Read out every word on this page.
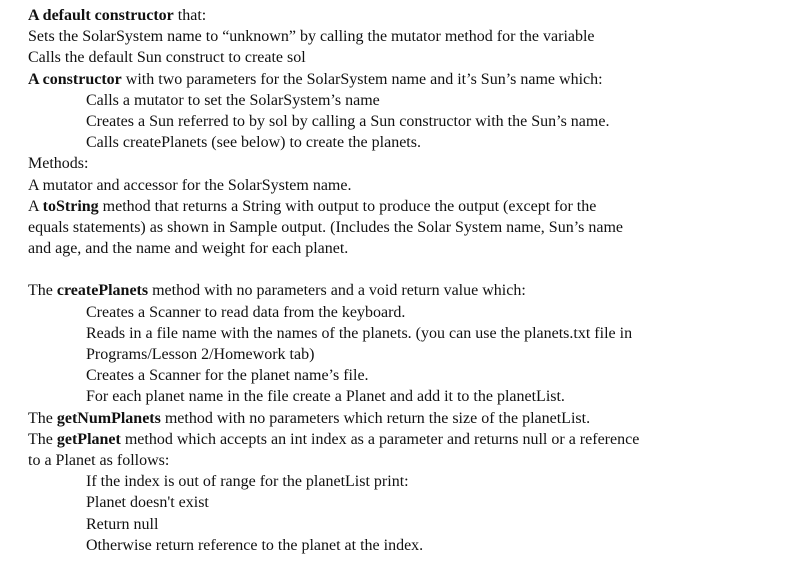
A default constructor that:
Sets the SolarSystem name to “unknown” by calling the mutator method for the variable
Calls the default Sun construct to create sol
A constructor with two parameters for the SolarSystem name and it’s Sun’s name which:
Calls a mutator to set the SolarSystem’s name
Creates a Sun referred to by sol by calling a Sun constructor with the Sun’s name.
Calls createPlanets (see below) to create the planets.
Methods:
A mutator and accessor for the SolarSystem name.
A toString method that returns a String with output to produce the output (except for the
equals statements) as shown in Sample output. (Includes the Solar System name, Sun’s name
and age, and the name and weight for each planet.
The createPlanets method with no parameters and a void return value which:
Creates a Scanner to read data from the keyboard.
Reads in a file name with the names of the planets. (you can use the planets.txt file in
Programs/Lesson 2/Homework tab)
Creates a Scanner for the planet name’s file.
For each planet name in the file create a Planet and add it to the planetList.
The getNumPlanets method with no parameters which return the size of the planetList.
The getPlanet method which accepts an int index as a parameter and returns null or a reference
to a Planet as follows:
If the index is out of range for the planetList print:
Planet doesn't exist
Return null
Otherwise return reference to the planet at the index.
